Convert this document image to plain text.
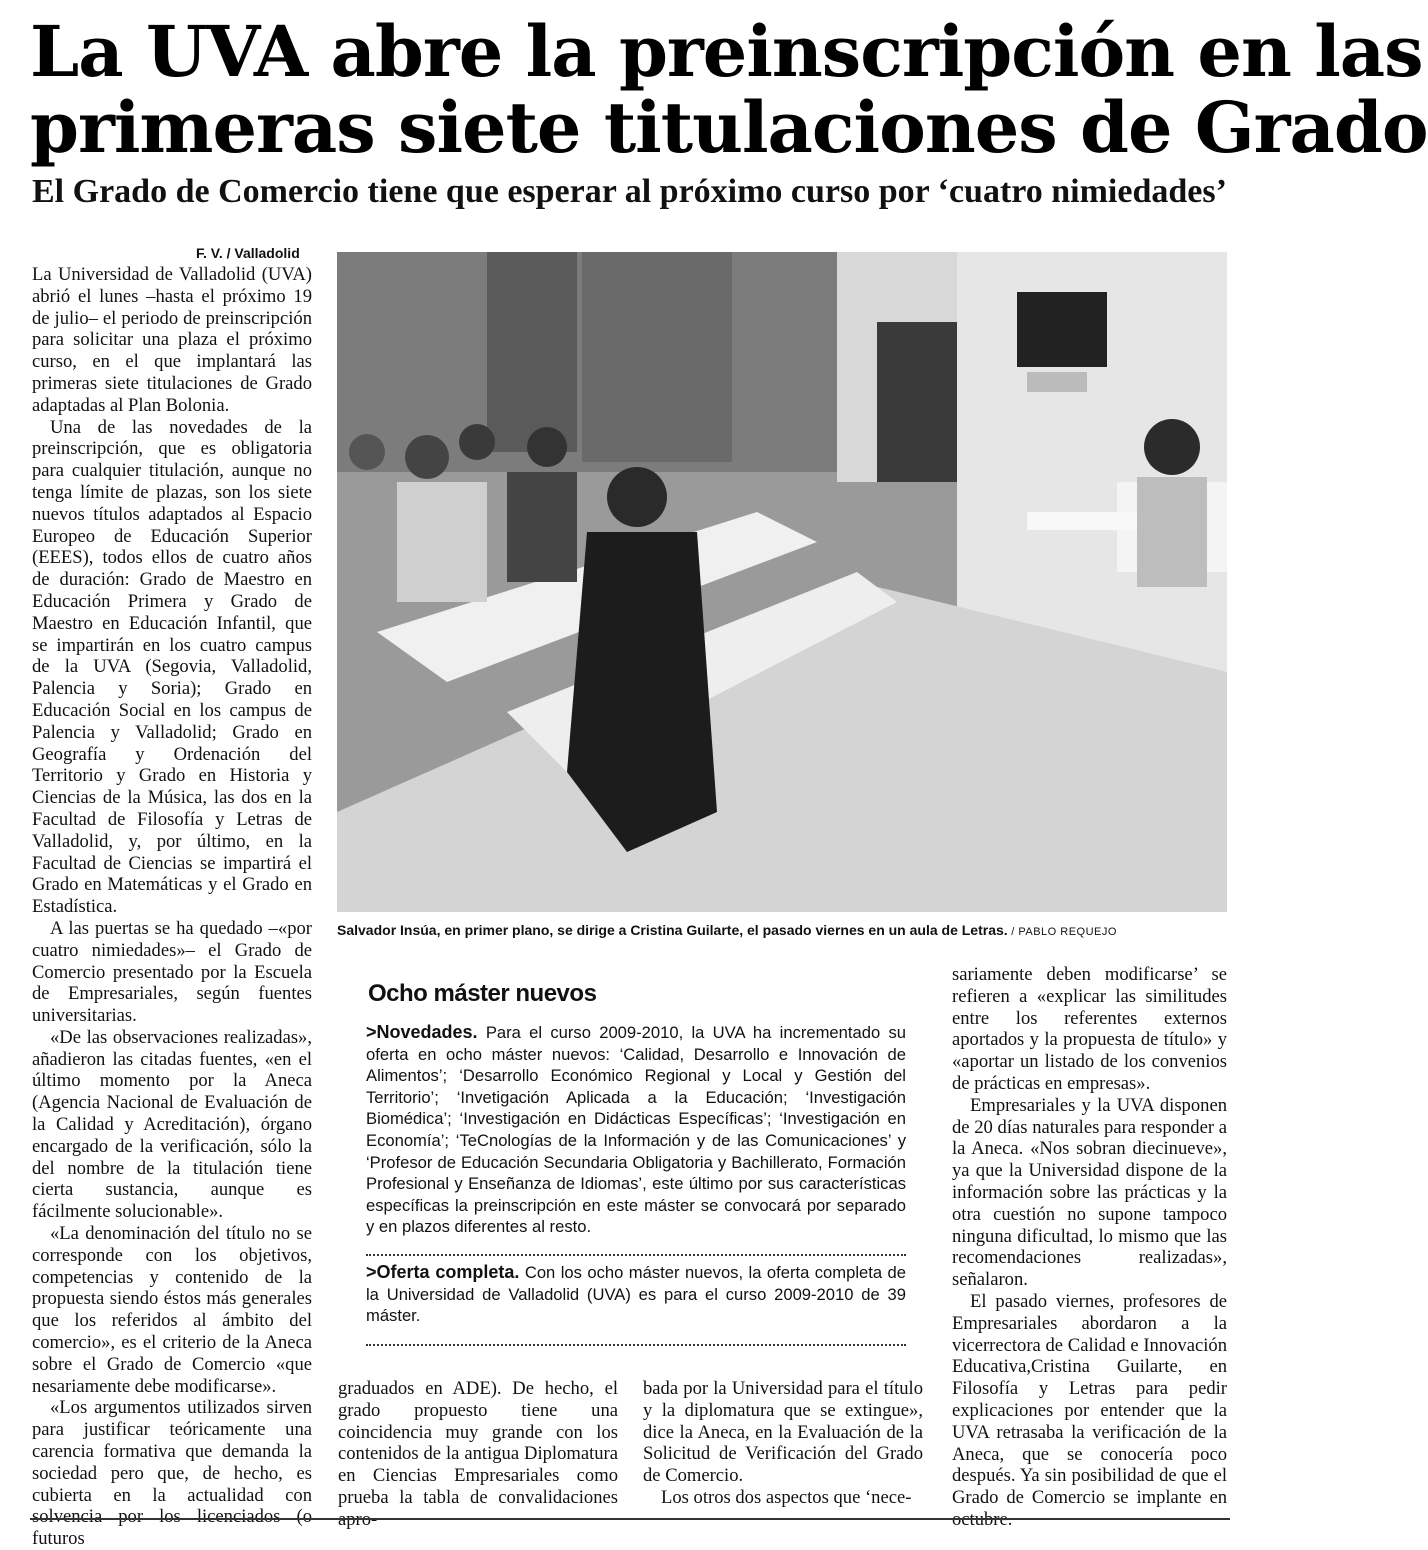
La UVA abre la preinscripción en las
primeras siete titulaciones de Grado
El Grado de Comercio tiene que esperar al próximo curso por ‘cuatro nimiedades’
F. V. / Valladolid

La Universidad de Valladolid (UVA) abrió el lunes –hasta el próximo 19 de julio– el periodo de preinscripción para solicitar una plaza el próximo curso, en el que implantará las primeras siete titulaciones de Grado adaptadas al Plan Bolonia.

Una de las novedades de la preinscripción, que es obligatoria para cualquier titulación, aunque no tenga límite de plazas, son los siete nuevos títulos adaptados al Espacio Europeo de Educación Superior (EEES), todos ellos de cuatro años de duración: Grado de Maestro en Educación Primera y Grado de Maestro en Educación Infantil, que se impartirán en los cuatro campus de la UVA (Segovia, Valladolid, Palencia y Soria); Grado en Educación Social en los campus de Palencia y Valladolid; Grado en Geografía y Ordenación del Territorio y Grado en Historia y Ciencias de la Música, las dos en la Facultad de Filosofía y Letras de Valladolid, y, por último, en la Facultad de Ciencias se impartirá el Grado en Matemáticas y el Grado en Estadística.

A las puertas se ha quedado –«por cuatro nimiedades»– el Grado de Comercio presentado por la Escuela de Empresariales, según fuentes universitarias.

«De las observaciones realizadas», añadieron las citadas fuentes, «en el último momento por la Aneca (Agencia Nacional de Evaluación de la Calidad y Acreditación), órgano encargado de la verificación, sólo la del nombre de la titulación tiene cierta sustancia, aunque es fácilmente solucionable».

«La denominación del título no se corresponde con los objetivos, competencias y contenido de la propuesta siendo éstos más generales que los referidos al ámbito del comercio», es el criterio de la Aneca sobre el Grado de Comercio «que nesariamente debe modificarse».

«Los argumentos utilizados sirven para justificar teóricamente una carencia formativa que demanda la sociedad pero que, de hecho, es cubierta en la actualidad con solvencia por los licenciados (o futuros

Salvador Insúa, en primer plano, se dirige a Cristina Guilarte, el pasado viernes en un aula de Letras. / PABLO REQUEJO
Ocho máster nuevos

>Novedades. Para el curso 2009-2010, la UVA ha incrementado su oferta en ocho máster nuevos: ‘Calidad, Desarrollo e Innovación de Alimentos’; ‘Desarrollo Económico Regional y Local y Gestión del Territorio’; ‘Invetigación Aplicada a la Educación; ‘Investigación Biomédica’; ‘Investigación en Didácticas Específicas’; ‘Investigación en Economía’; ‘TeCnologías de la Información y de las Comunicaciones’ y ‘Profesor de Educación Secundaria Obligatoria y Bachillerato, Formación Profesional y Enseñanza de Idiomas’, este último por sus características específicas la preinscripción en este máster se convocará por separado y en plazos diferentes al resto.

>Oferta completa. Con los ocho máster nuevos, la oferta completa de la Universidad de Valladolid (UVA) es para el curso 2009-2010 de 39 máster.

graduados en ADE). De hecho, el grado propuesto tiene una coincidencia muy grande con los contenidos de la antigua Diplomatura en Ciencias Empresariales como prueba la tabla de convalidaciones apro-

bada por la Universidad para el título y la diplomatura que se extingue», dice la Aneca, en la Evaluación de la Solicitud de Verificación del Grado de Comercio.

Los otros dos aspectos que ‘nece-

sariamente deben modificarse’ se refieren a «explicar las similitudes entre los referentes externos aportados y la propuesta de título» y «aportar un listado de los convenios de prácticas en empresas».

Empresariales y la UVA disponen de 20 días naturales para responder a la Aneca. «Nos sobran diecinueve», ya que la Universidad dispone de la información sobre las prácticas y la otra cuestión no supone tampoco ninguna dificultad, lo mismo que las recomendaciones realizadas», señalaron.

El pasado viernes, profesores de Empresariales abordaron a la vicerrectora de Calidad e Innovación Educativa,Cristina Guilarte, en Filosofía y Letras para pedir explicaciones por entender que la UVA retrasaba la verificación de la Aneca, que se conocería poco después. Ya sin posibilidad de que el Grado de Comercio se implante en octubre.
